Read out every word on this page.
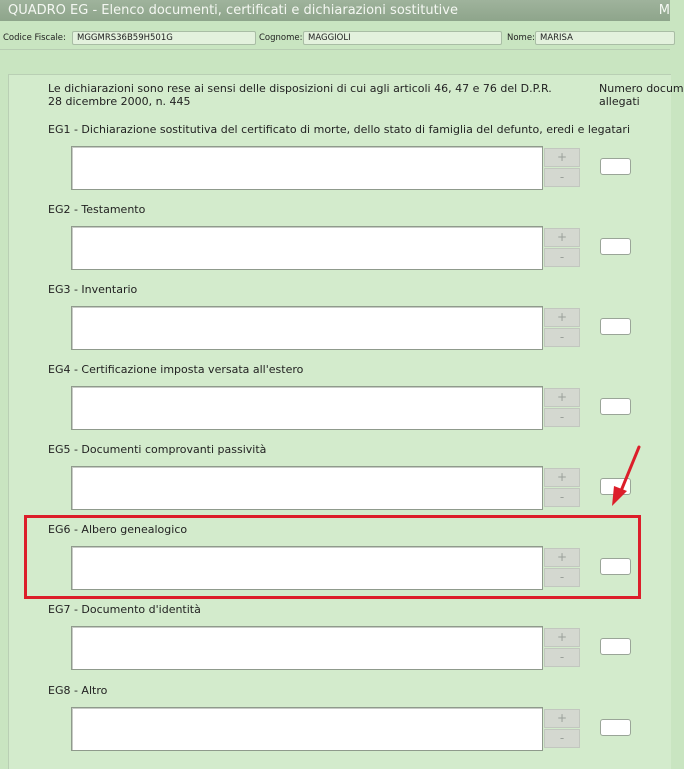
QUADRO EG - Elenco documenti, certificati e dichiarazioni sostitutive	M
Codice Fiscale:	MGGMRS36B59H501G	Cognome: MAGGIOLI	Nome: MARISA
Le dichiarazioni sono rese ai sensi delle disposizioni di cui agli articoli 46, 47 e 76 del D.P.R. 28 dicembre 2000, n. 445
Numero docum
allegati
EG1 - Dichiarazione sostitutiva del certificato di morte, dello stato di famiglia del defunto, eredi e legatari
+
-
EG2 - Testamento
+
-
EG3 - Inventario
+
-
EG4 - Certificazione imposta versata all'estero
+
-
EG5 - Documenti comprovanti passività
+
-
EG6 - Albero genealogico
+
-
EG7 - Documento d'identità
+
-
EG8 - Altro
+
-
